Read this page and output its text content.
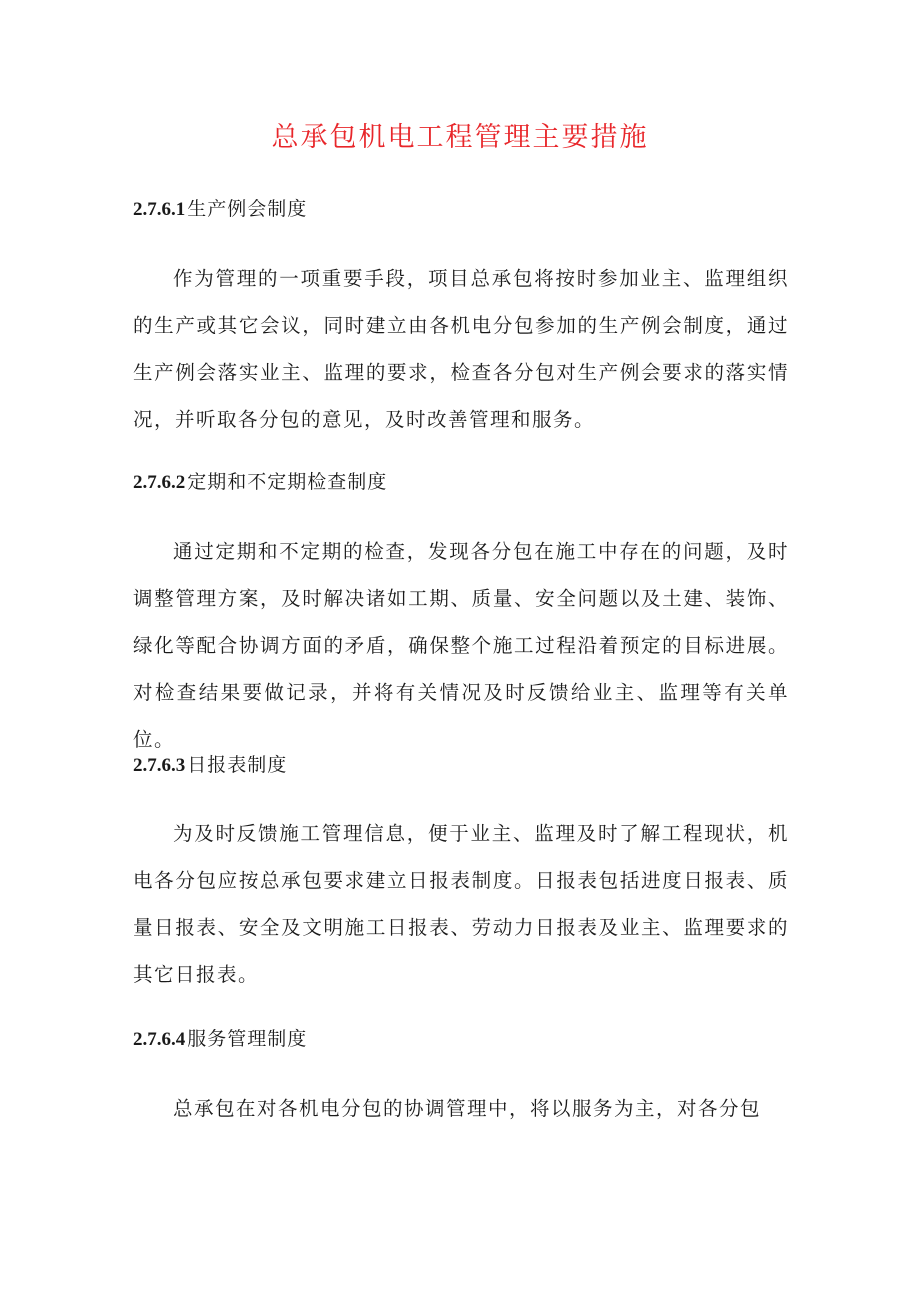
总承包机电工程管理主要措施
2.7.6.1 生产例会制度

作为管理的一项重要手段，项目总承包将按时参加业主、监理组织的生产或其它会议，同时建立由各机电分包参加的生产例会制度，通过生产例会落实业主、监理的要求，检查各分包对生产例会要求的落实情况，并听取各分包的意见，及时改善管理和服务。

2.7.6.2 定期和不定期检查制度

通过定期和不定期的检查，发现各分包在施工中存在的问题，及时调整管理方案，及时解决诸如工期、质量、安全问题以及土建、装饰、绿化等配合协调方面的矛盾，确保整个施工过程沿着预定的目标进展。对检查结果要做记录，并将有关情况及时反馈给业主、监理等有关单位。

2.7.6.3 日报表制度

为及时反馈施工管理信息，便于业主、监理及时了解工程现状，机电各分包应按总承包要求建立日报表制度。日报表包括进度日报表、质量日报表、安全及文明施工日报表、劳动力日报表及业主、监理要求的其它日报表。

2.7.6.4 服务管理制度

总承包在对各机电分包的协调管理中，将以服务为主，对各分包
